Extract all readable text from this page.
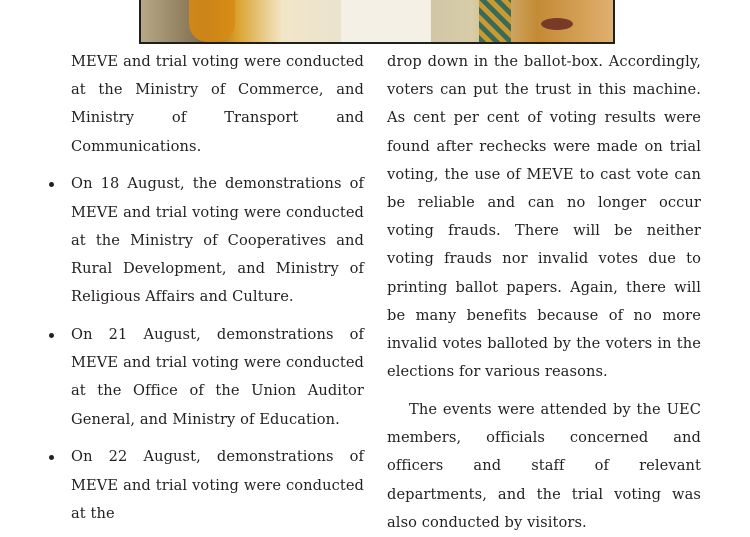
MEVE and trial voting were conducted at the Ministry of Commerce, and Ministry of Transport and Communications.

On 18 August, the demonstrations of MEVE and trial voting were conducted at the Ministry of Cooperatives and Rural Development, and Ministry of Religious Affairs and Culture.

On 21 August, demonstrations of MEVE and trial voting were conducted at the Office of the Union Auditor General, and Ministry of Education.

On 22 August, demonstrations of MEVE and trial voting were conducted at the

drop down in the ballot-box. Accordingly, voters can put the trust in this machine. As cent per cent of voting results were found after rechecks were made on trial voting, the use of MEVE to cast vote can be reliable and can no longer occur voting frauds. There will be neither voting frauds nor invalid votes due to printing ballot papers. Again, there will be many benefits because of no more invalid votes balloted by the voters in the elections for various reasons.

The events were attended by the UEC members, officials concerned and officers and staff of relevant departments, and the trial voting was also conducted by visitors.
